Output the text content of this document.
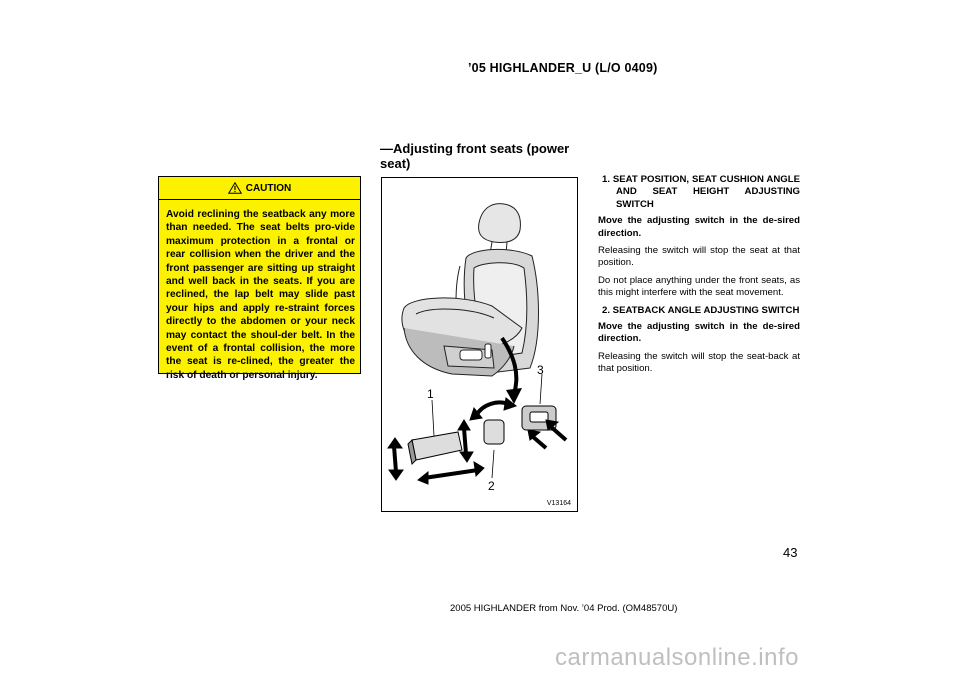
’05 HIGHLANDER_U (L/O 0409)
CAUTION
Avoid reclining the seatback any more than needed. The seat belts pro-vide maximum protection in a frontal or rear collision when the driver and the front passenger are sitting up straight and well back in the seats. If you are reclined, the lap belt may slide past your hips and apply re-straint forces directly to the abdomen or your neck may contact the shoul-der belt. In the event of a frontal collision, the more the seat is re-clined, the greater the risk of death or personal injury.
—Adjusting front seats (power seat)
1
2
3
V13164

1. SEAT POSITION, SEAT CUSHION ANGLE AND SEAT HEIGHT ADJUSTING SWITCH

Move the adjusting switch in the de-sired direction.

Releasing the switch will stop the seat at that position.

Do not place anything under the front seats, as this might interfere with the seat movement.

2. SEATBACK ANGLE ADJUSTING SWITCH

Move the adjusting switch in the de-sired direction.

Releasing the switch will stop the seat-back at that position.

43
2005 HIGHLANDER from Nov. ’04 Prod. (OM48570U)
carmanualsonline.info
